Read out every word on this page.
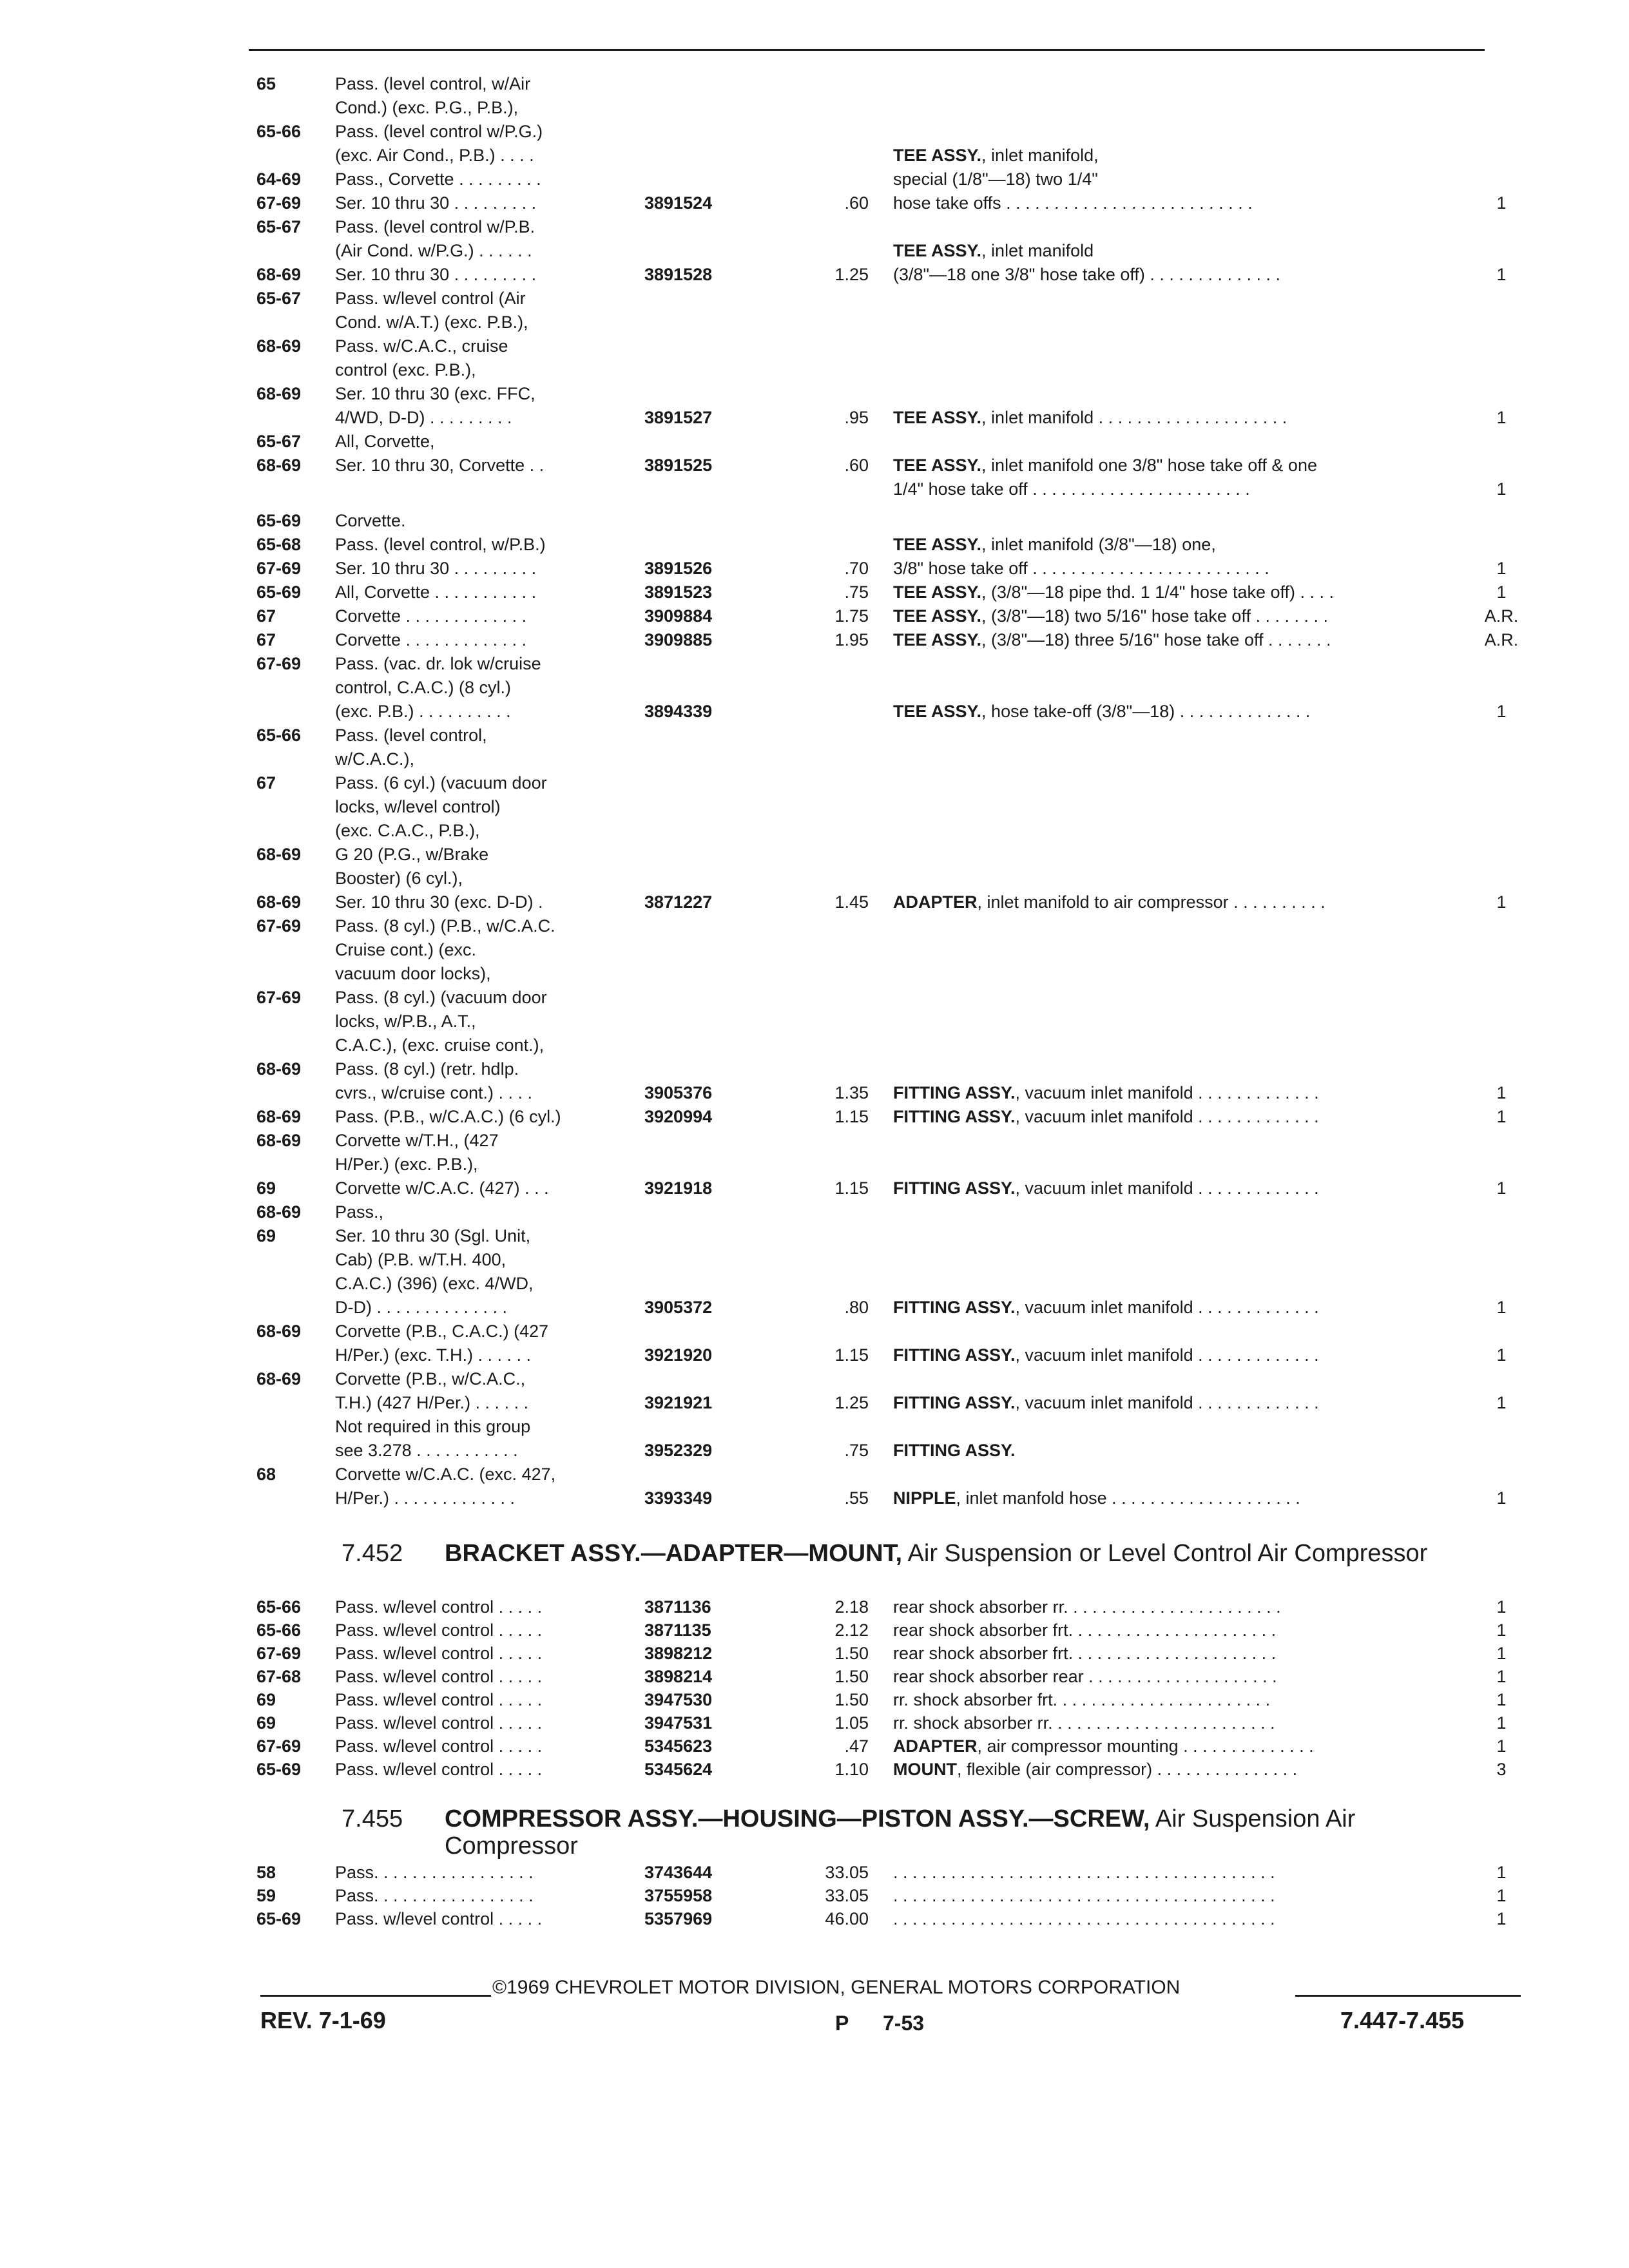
65	Pass. (level control, w/Air
Cond.) (exc. P.G., P.B.),
65-66 Pass. (level control w/P.G.)
(exc. Air Cond., P.B.) . . . .	TEE ASSY., inlet manifold,
64-69 Pass., Corvette . . . . . . . . .	special (1/8"—18) two 1/4"
67-69 Ser. 10 thru 30 . . . . . . . . .	3891524	.60 hose take offs . . . . . . . . . . . . . . . . . . . . . . . . . .	1
65-67 Pass. (level control w/P.B.
(Air Cond. w/P.G.) . . . . . .	TEE ASSY., inlet manifold
68-69 Ser. 10 thru 30 . . . . . . . . .	3891528	1.25 (3/8"—18 one 3/8" hose take off) . . . . . . . . . . . . . .	1
65-67 Pass. w/level control (Air
Cond. w/A.T.) (exc. P.B.),
68-69 Pass. w/C.A.C., cruise
control (exc. P.B.),
68-69 Ser. 10 thru 30 (exc. FFC,
4/WD, D-D) . . . . . . . . .	3891527	.95 TEE ASSY., inlet manifold . . . . . . . . . . . . . . . . . . . .	1
65-67 All, Corvette,
68-69 Ser. 10 thru 30, Corvette . .	3891525	.60 TEE ASSY., inlet manifold one 3/8" hose take off & one
1/4" hose take off . . . . . . . . . . . . . . . . . . . . . . .	1
65-69 Corvette.
65-68 Pass. (level control, w/P.B.)	TEE ASSY., inlet manifold (3/8"—18) one,
67-69 Ser. 10 thru 30 . . . . . . . . .	3891526	.70 3/8" hose take off . . . . . . . . . . . . . . . . . . . . . . . . .	1
65-69 All, Corvette . . . . . . . . . . .	3891523	.75 TEE ASSY., (3/8"—18 pipe thd. 1 1/4" hose take off) . . . .	1
67	Corvette . . . . . . . . . . . . .	3909884	1.75 TEE ASSY., (3/8"—18) two 5/16" hose take off . . . . . . . .	A.R.
67	Corvette . . . . . . . . . . . . .	3909885	1.95 TEE ASSY., (3/8"—18) three 5/16" hose take off . . . . . . .	A.R.
67-69 Pass. (vac. dr. lok w/cruise
control, C.A.C.) (8 cyl.)
(exc. P.B.) . . . . . . . . . .	3894339	TEE ASSY., hose take-off (3/8"—18) . . . . . . . . . . . . . .	1
65-66 Pass. (level control,
w/C.A.C.),
67	Pass. (6 cyl.) (vacuum door
locks, w/level control)
(exc. C.A.C., P.B.),
68-69 G 20 (P.G., w/Brake
Booster) (6 cyl.),
68-69 Ser. 10 thru 30 (exc. D-D) .	3871227	1.45 ADAPTER, inlet manifold to air compressor . . . . . . . . . .	1
67-69 Pass. (8 cyl.) (P.B., w/C.A.C.
Cruise cont.) (exc.
vacuum door locks),
67-69 Pass. (8 cyl.) (vacuum door
locks, w/P.B., A.T.,
C.A.C.), (exc. cruise cont.),
68-69 Pass. (8 cyl.) (retr. hdlp.
cvrs., w/cruise cont.) . . . .	3905376	1.35 FITTING ASSY., vacuum inlet manifold . . . . . . . . . . . . .	1
68-69 Pass. (P.B., w/C.A.C.) (6 cyl.)	3920994	1.15 FITTING ASSY., vacuum inlet manifold . . . . . . . . . . . . .	1
68-69 Corvette w/T.H., (427
H/Per.) (exc. P.B.),
69	Corvette w/C.A.C. (427) . . .	3921918	1.15 FITTING ASSY., vacuum inlet manifold . . . . . . . . . . . . .	1
68-69 Pass.,
69	Ser. 10 thru 30 (Sgl. Unit,
Cab) (P.B. w/T.H. 400,
C.A.C.) (396) (exc. 4/WD,
D-D) . . . . . . . . . . . . . .	3905372	.80 FITTING ASSY., vacuum inlet manifold . . . . . . . . . . . . .	1
68-69 Corvette (P.B., C.A.C.) (427
H/Per.) (exc. T.H.) . . . . . .	3921920	1.15 FITTING ASSY., vacuum inlet manifold . . . . . . . . . . . . .	1
68-69 Corvette (P.B., w/C.A.C.,
T.H.) (427 H/Per.) . . . . . .	3921921	1.25 FITTING ASSY., vacuum inlet manifold . . . . . . . . . . . . .	1
Not required in this group
see 3.278 . . . . . . . . . . .	3952329	.75 FITTING ASSY.
68	Corvette w/C.A.C. (exc. 427,
H/Per.) . . . . . . . . . . . . .	3393349	.55 NIPPLE, inlet manfold hose . . . . . . . . . . . . . . . . . . . .	1
65-66 Pass. w/level control . . . . .	3871136	2.18 rear shock absorber rr. . . . . . . . . . . . . . . . . . . . . . .	1
65-66 Pass. w/level control . . . . .	3871135	2.12 rear shock absorber frt. . . . . . . . . . . . . . . . . . . . . .	1
67-69 Pass. w/level control . . . . .	3898212	1.50 rear shock absorber frt. . . . . . . . . . . . . . . . . . . . . .	1
67-68 Pass. w/level control . . . . .	3898214	1.50 rear shock absorber rear . . . . . . . . . . . . . . . . . . . .	1
69	Pass. w/level control . . . . .	3947530	1.50 rr. shock absorber frt. . . . . . . . . . . . . . . . . . . . . . .	1
69	Pass. w/level control . . . . .	3947531	1.05 rr. shock absorber rr. . . . . . . . . . . . . . . . . . . . . . . .	1
67-69 Pass. w/level control . . . . .	5345623	.47 ADAPTER, air compressor mounting . . . . . . . . . . . . . .	1
65-69 Pass. w/level control . . . . .	5345624	1.10 MOUNT, flexible (air compressor) . . . . . . . . . . . . . . .	3
58	Pass. . . . . . . . . . . . . . . . .	3743644	33.05 . . . . . . . . . . . . . . . . . . . . . . . . . . . . . . . . . . . . . . . .	1
59	Pass. . . . . . . . . . . . . . . . .	3755958	33.05 . . . . . . . . . . . . . . . . . . . . . . . . . . . . . . . . . . . . . . . .	1
65-69 Pass. w/level control . . . . .	5357969	46.00 . . . . . . . . . . . . . . . . . . . . . . . . . . . . . . . . . . . . . . . .	1
7.452 BRACKET ASSY.—ADAPTER—MOUNT, Air Suspension or Level Control Air Compressor
7.455 COMPRESSOR ASSY.—HOUSING—PISTON ASSY.—SCREW, Air Suspension Air Compressor
©1969 CHEVROLET MOTOR DIVISION, GENERAL MOTORS CORPORATION
REV. 7-1-69	P 7-53	7.447-7.455
